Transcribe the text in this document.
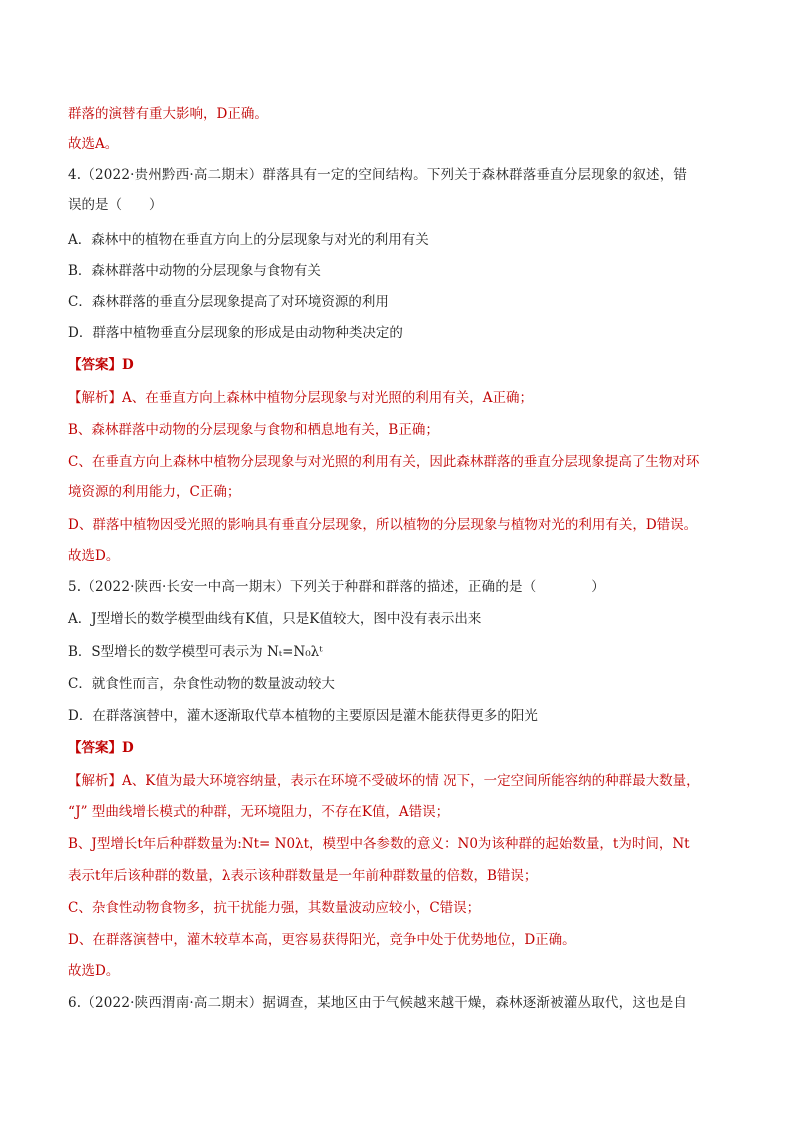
群落的演替有重大影响，D正确。
故选A。
4.（2022·贵州黔西·高二期末）群落具有一定的空间结构。下列关于森林群落垂直分层现象的叙述，错
误的是（　　）
A．森林中的植物在垂直方向上的分层现象与对光的利用有关
B．森林群落中动物的分层现象与食物有关
C．森林群落的垂直分层现象提高了对环境资源的利用
D．群落中植物垂直分层现象的形成是由动物种类决定的
【答案】D
【解析】A、在垂直方向上森林中植物分层现象与对光照的利用有关，A正确；
B、森林群落中动物的分层现象与食物和栖息地有关，B正确；
C、在垂直方向上森林中植物分层现象与对光照的利用有关，因此森林群落的垂直分层现象提高了生物对环
境资源的利用能力，C正确；
D、群落中植物因受光照的影响具有垂直分层现象，所以植物的分层现象与植物对光的利用有关，D错误。
故选D。
5.（2022·陕西·长安一中高一期末）下列关于种群和群落的描述，正确的是（　　　　）
A．J型增长的数学模型曲线有K值，只是K值较大，图中没有表示出来
B．S型增长的数学模型可表示为 Nₜ=N₀λᵗ
C．就食性而言，杂食性动物的数量波动较大
D．在群落演替中，灌木逐渐取代草本植物的主要原因是灌木能获得更多的阳光
【答案】D
【解析】A、K值为最大环境容纳量，表示在环境不受破坏的情 况下，一定空间所能容纳的种群最大数量，
“J” 型曲线增长模式的种群，无环境阻力，不存在K值，A错误；
B、J型增长t年后种群数量为:Nt= N0λt，模型中各参数的意义：N0为该种群的起始数量，t为时间，Nt
表示t年后该种群的数量，λ表示该种群数量是一年前种群数量的倍数，B错误；
C、杂食性动物食物多，抗干扰能力强，其数量波动应较小，C错误；
D、在群落演替中，灌木较草本高，更容易获得阳光，竞争中处于优势地位，D正确。
故选D。
6.（2022·陕西渭南·高二期末）据调查，某地区由于气候越来越干燥，森林逐渐被灌丛取代，这也是自
